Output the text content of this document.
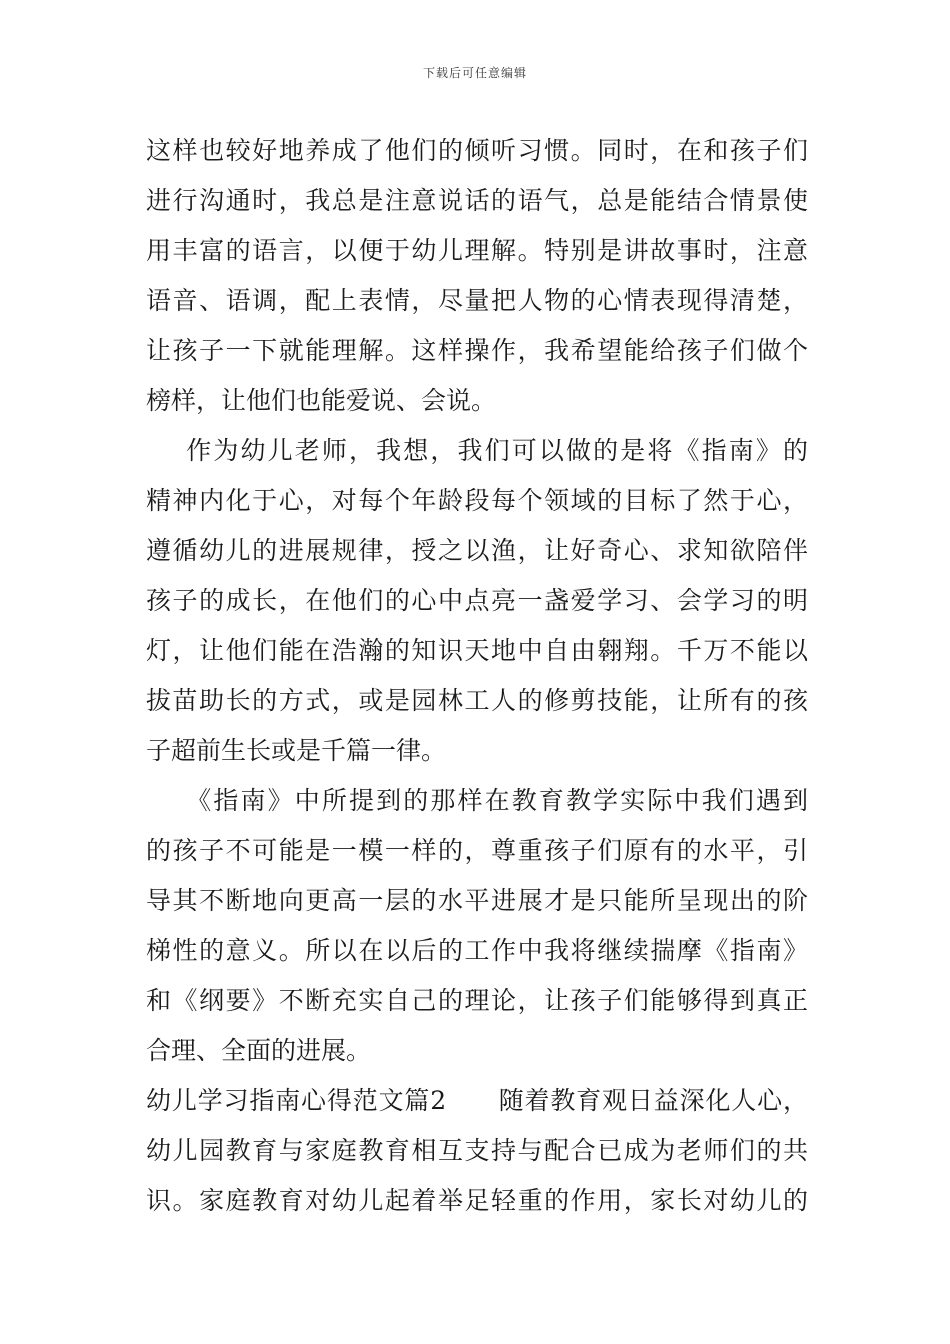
下载后可任意编辑
这样也较好地养成了他们的倾听习惯。同时，在和孩子们
进行沟通时，我总是注意说话的语气，总是能结合情景使
用丰富的语言，以便于幼儿理解。特别是讲故事时，注意
语音、语调，配上表情，尽量把人物的心情表现得清楚，
让孩子一下就能理解。这样操作，我希望能给孩子们做个
榜样，让他们也能爱说、会说。
作为幼儿老师，我想，我们可以做的是将《指南》的
精神内化于心，对每个年龄段每个领域的目标了然于心，
遵循幼儿的进展规律，授之以渔，让好奇心、求知欲陪伴
孩子的成长，在他们的心中点亮一盏爱学习、会学习的明
灯，让他们能在浩瀚的知识天地中自由翱翔。千万不能以
拔苗助长的方式，或是园林工人的修剪技能，让所有的孩
子超前生长或是千篇一律。
《指南》中所提到的那样在教育教学实际中我们遇到
的孩子不可能是一模一样的，尊重孩子们原有的水平，引
导其不断地向更高一层的水平进展才是只能所呈现出的阶
梯性的意义。所以在以后的工作中我将继续揣摩《指南》
和《纲要》不断充实自己的理论，让孩子们能够得到真正
合理、全面的进展。
幼儿学习指南心得范文篇2　　随着教育观日益深化人心，
幼儿园教育与家庭教育相互支持与配合已成为老师们的共
识。家庭教育对幼儿起着举足轻重的作用，家长对幼儿的
